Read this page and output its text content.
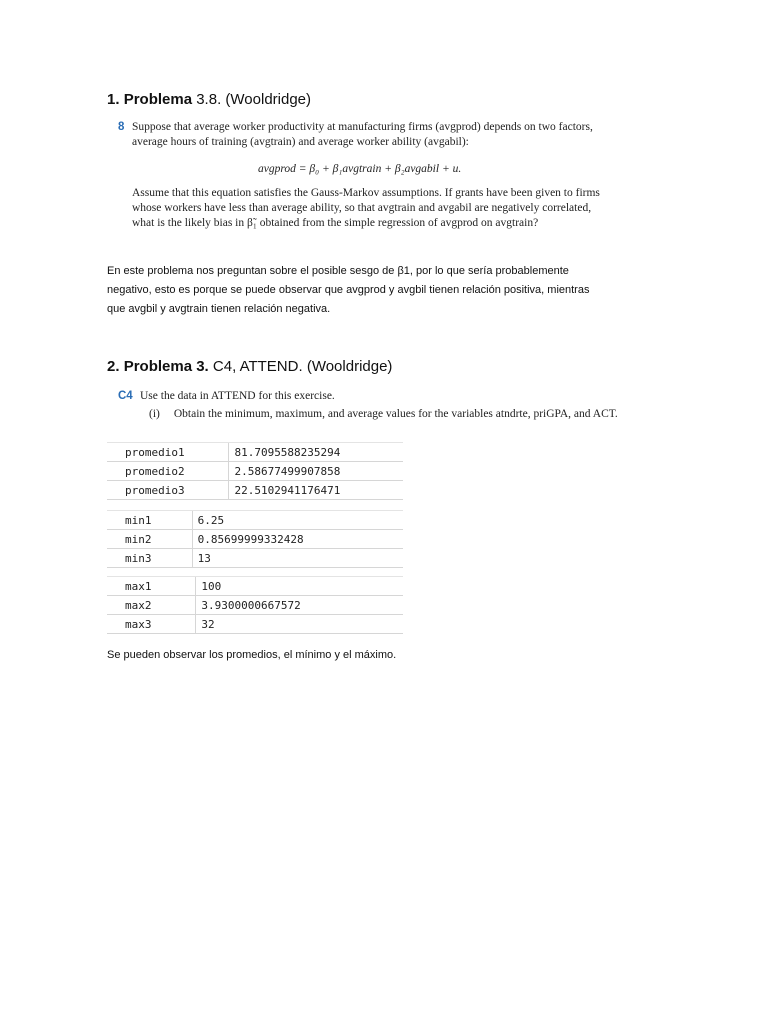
1. Problema 3.8. (Wooldridge)
8 Suppose that average worker productivity at manufacturing firms (avgprod) depends on two factors,
average hours of training (avgtrain) and average worker ability (avgabil):
avgprod = β₀ + β₁avgtrain + β₂avgabil + u.
Assume that this equation satisfies the Gauss-Markov assumptions. If grants have been given to firms
whose workers have less than average ability, so that avgtrain and avgabil are negatively correlated,
what is the likely bias in β̃₁ obtained from the simple regression of avgprod on avgtrain?
En este problema nos preguntan sobre el posible sesgo de β1, por lo que sería probablemente
negativo, esto es porque se puede observar que avgprod y avgbil tienen relación positiva, mientras
que avgbil y avgtrain tienen relación negativa.
2. Problema 3. C4, ATTEND. (Wooldridge)
C4 Use the data in ATTEND for this exercise.
(i) Obtain the minimum, maximum, and average values for the variables atndrte, priGPA, and ACT.
promedio1	81.7095588235294
promedio2	2.58677499907858
promedio3	22.5102941176471
min1	6.25
min2	0.85699999332428
min3	13
max1	100
max2	3.9300000667572
max3	32
Se pueden observar los promedios, el mínimo y el máximo.
